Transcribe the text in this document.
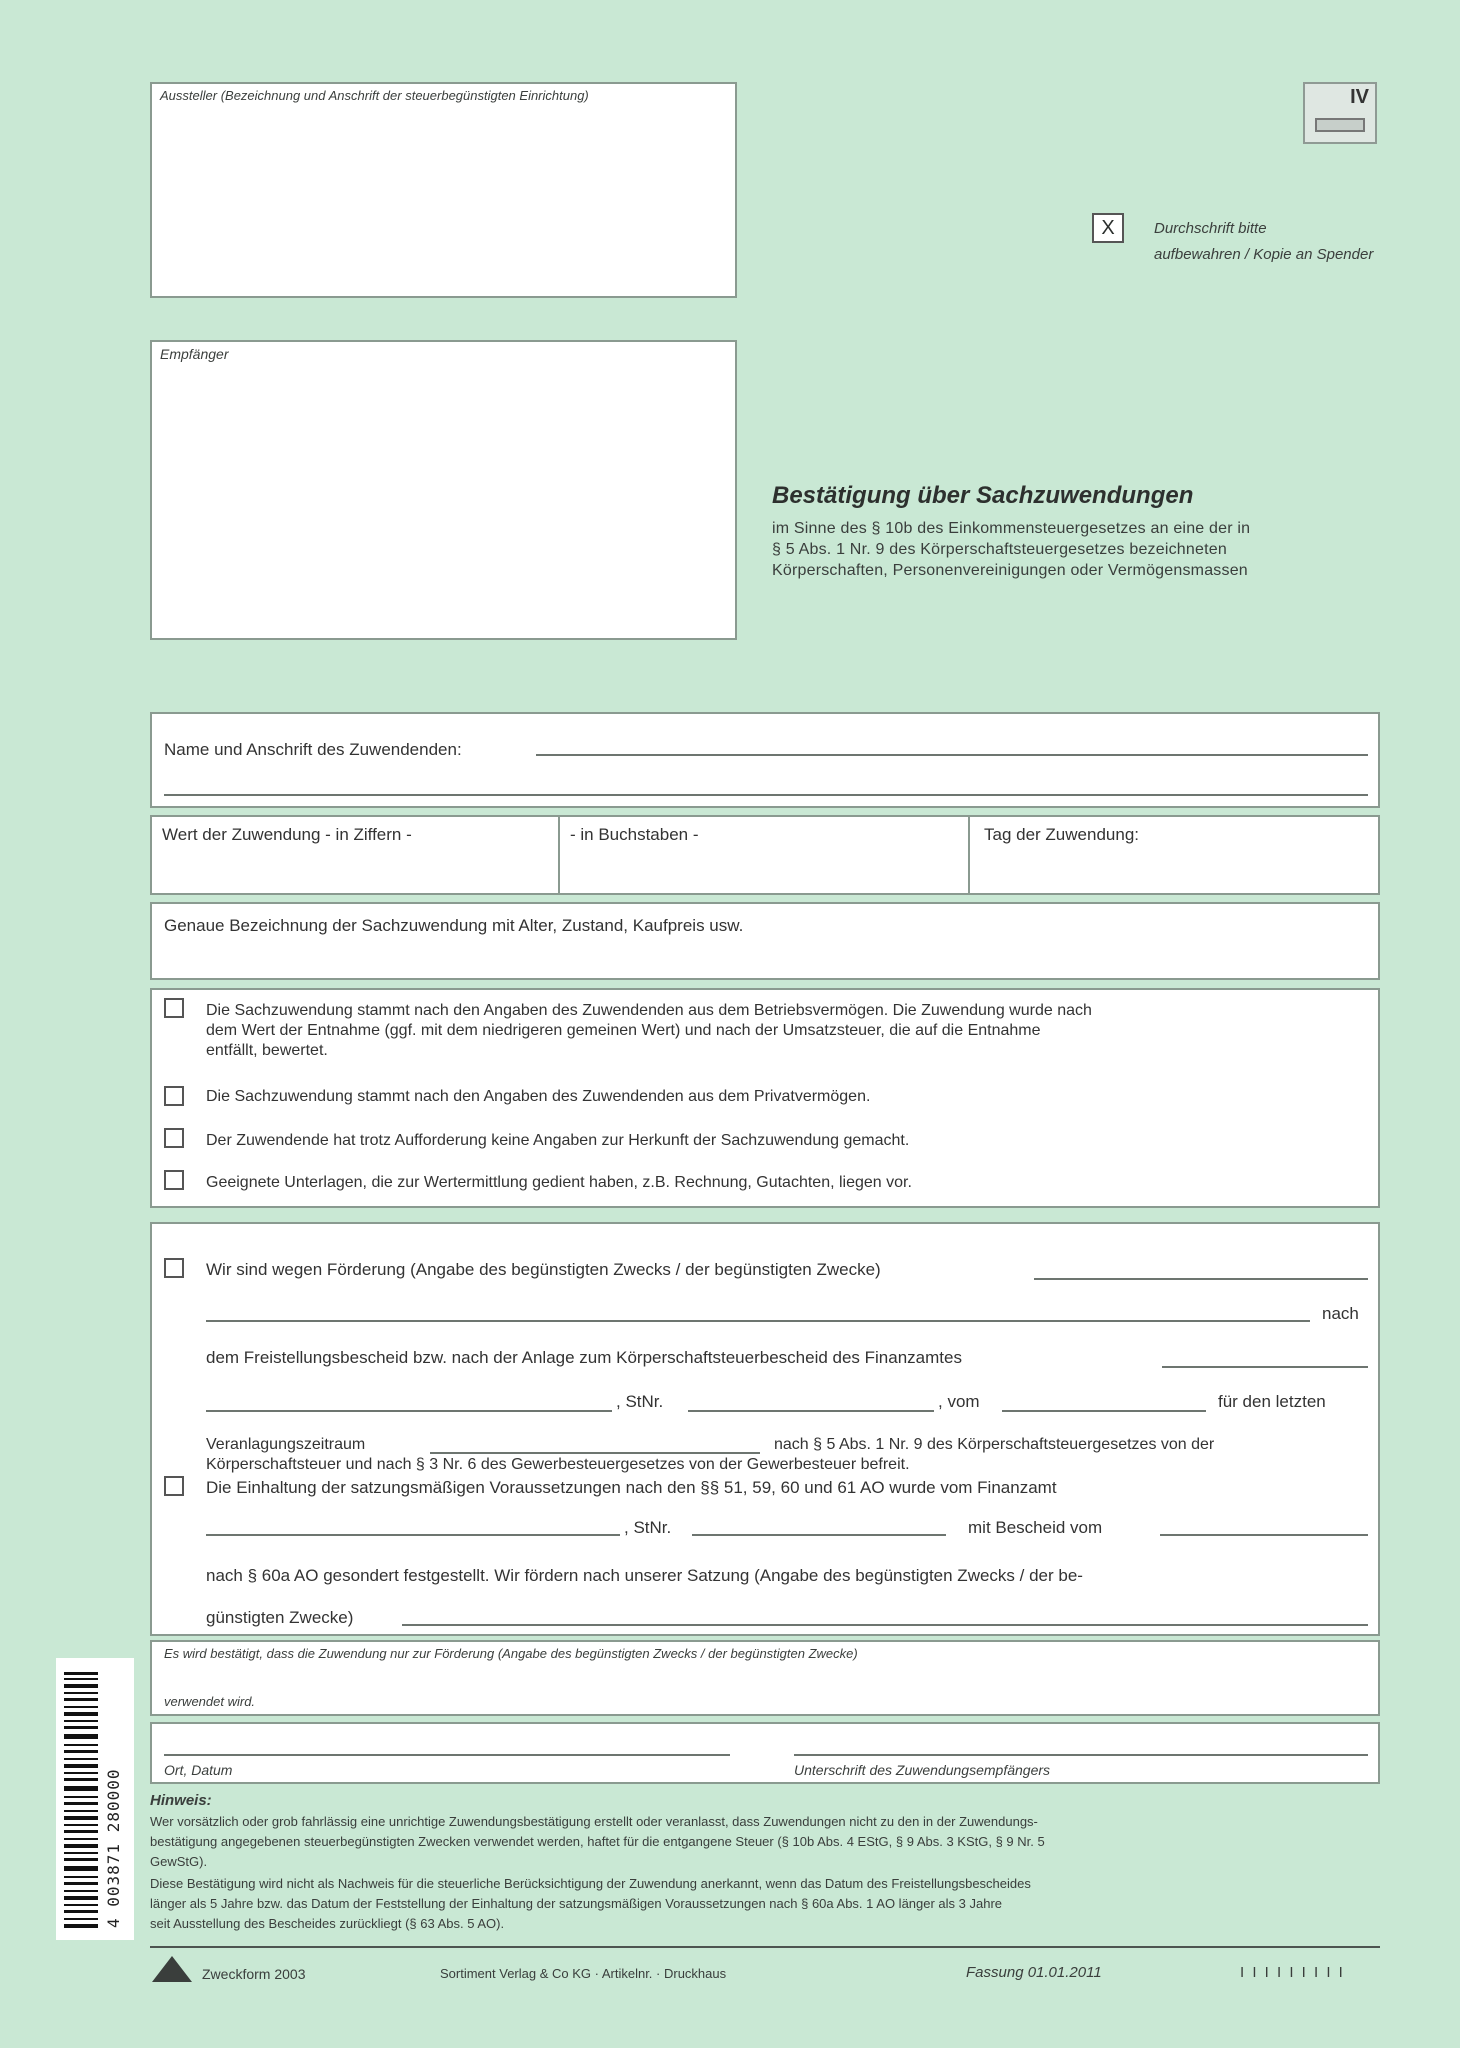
Aussteller (Bezeichnung und Anschrift der steuerbegünstigten Einrichtung)	IV
X	Durchschrift bitte
aufbewahren / Kopie an Spender
Empfänger
Bestätigung über Sachzuwendungen
im Sinne des § 10b des Einkommensteuergesetzes an eine der in
§ 5 Abs. 1 Nr. 9 des Körperschaftsteuergesetzes bezeichneten
Körperschaften, Personenvereinigungen oder Vermögensmassen
Name und Anschrift des Zuwendenden:
Wert der Zuwendung - in Ziffern -	- in Buchstaben -	Tag der Zuwendung:
Genaue Bezeichnung der Sachzuwendung mit Alter, Zustand, Kaufpreis usw.
Die Sachzuwendung stammt nach den Angaben des Zuwendenden aus dem Betriebsvermögen. Die Zuwendung wurde nach
dem Wert der Entnahme (ggf. mit dem niedrigeren gemeinen Wert) und nach der Umsatzsteuer, die auf die Entnahme
entfällt, bewertet.
Die Sachzuwendung stammt nach den Angaben des Zuwendenden aus dem Privatvermögen.
Der Zuwendende hat trotz Aufforderung keine Angaben zur Herkunft der Sachzuwendung gemacht.
Geeignete Unterlagen, die zur Wertermittlung gedient haben, z.B. Rechnung, Gutachten, liegen vor.
Wir sind wegen Förderung (Angabe des begünstigten Zwecks / der begünstigten Zwecke)
nach
dem Freistellungsbescheid bzw. nach der Anlage zum Körperschaftsteuerbescheid des Finanzamtes
, StNr.	, vom	für den letzten
Veranlagungszeitraum	nach § 5 Abs. 1 Nr. 9 des Körperschaftsteuergesetzes von der
Körperschaftsteuer und nach § 3 Nr. 6 des Gewerbesteuergesetzes von der Gewerbesteuer befreit.
Die Einhaltung der satzungsmäßigen Voraussetzungen nach den §§ 51, 59, 60 und 61 AO wurde vom Finanzamt
, StNr.	mit Bescheid vom
nach § 60a AO gesondert festgestellt. Wir fördern nach unserer Satzung (Angabe des begünstigten Zwecks / der be-
günstigten Zwecke)
Es wird bestätigt, dass die Zuwendung nur zur Förderung (Angabe des begünstigten Zwecks / der begünstigten Zwecke)
verwendet wird.
Ort, Datum	Unterschrift des Zuwendungsempfängers
Hinweis:
Wer vorsätzlich oder grob fahrlässig eine unrichtige Zuwendungsbestätigung erstellt oder veranlasst, dass Zuwendungen nicht zu den in der Zuwendungs-
bestätigung angegebenen steuerbegünstigten Zwecken verwendet werden, haftet für die entgangene Steuer (§ 10b Abs. 4 EStG, § 9 Abs. 3 KStG, § 9 Nr. 5
GewStG).
Diese Bestätigung wird nicht als Nachweis für die steuerliche Berücksichtigung der Zuwendung anerkannt, wenn das Datum des Freistellungsbescheides
länger als 5 Jahre bzw. das Datum der Feststellung der Einhaltung der satzungsmäßigen Voraussetzungen nach § 60a Abs. 1 AO länger als 3 Jahre
seit Ausstellung des Bescheides zurückliegt (§ 63 Abs. 5 AO).
Zweckform 2003	Sortiment Verlag & Co KG · Artikelnr. · Druckhaus	Fassung 01.01.2011	I I I I I I I I I
4 003871 280000
